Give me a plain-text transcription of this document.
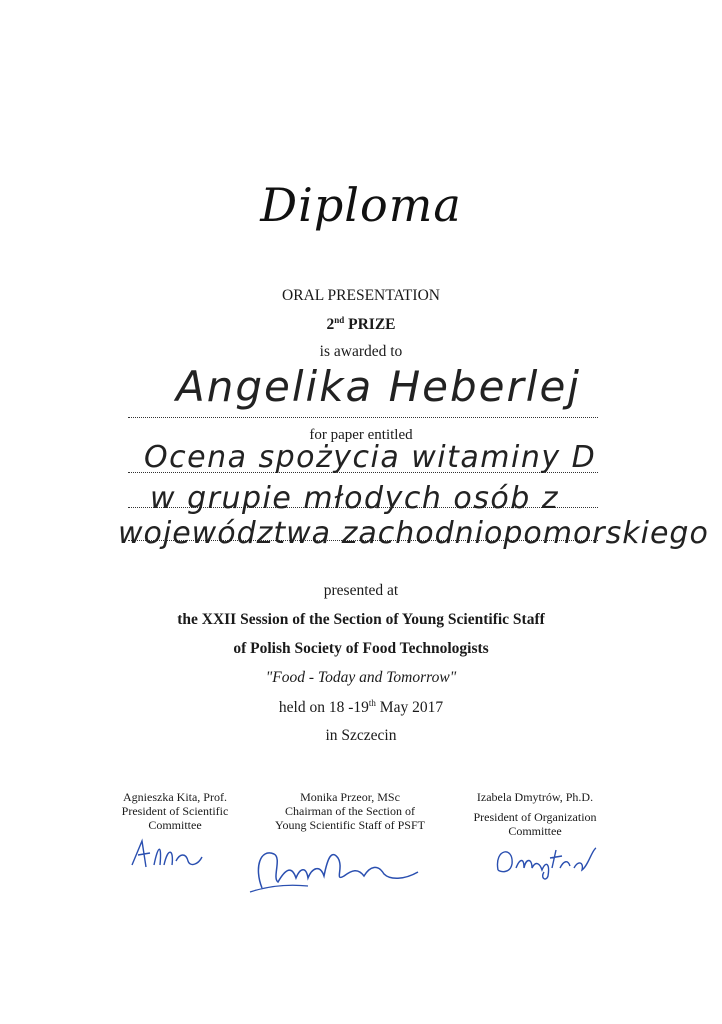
Diploma
ORAL PRESENTATION
2nd PRIZE
is awarded to
Angelika Heberlej
for paper entitled
Ocena spożycia witaminy D
w grupie młodych osób z
województwa zachodniopomorskiego
presented at
the XXII Session of the Section of Young Scientific Staff
of Polish Society of Food Technologists
"Food - Today and Tomorrow"
held on 18 -19th May 2017
in Szczecin
Agnieszka Kita, Prof.
President of Scientific Committee
Monika Przeor, MSc
Chairman of the Section of Young Scientific Staff of PSFT
Izabela Dmytrów, Ph.D.
President of Organization Committee
